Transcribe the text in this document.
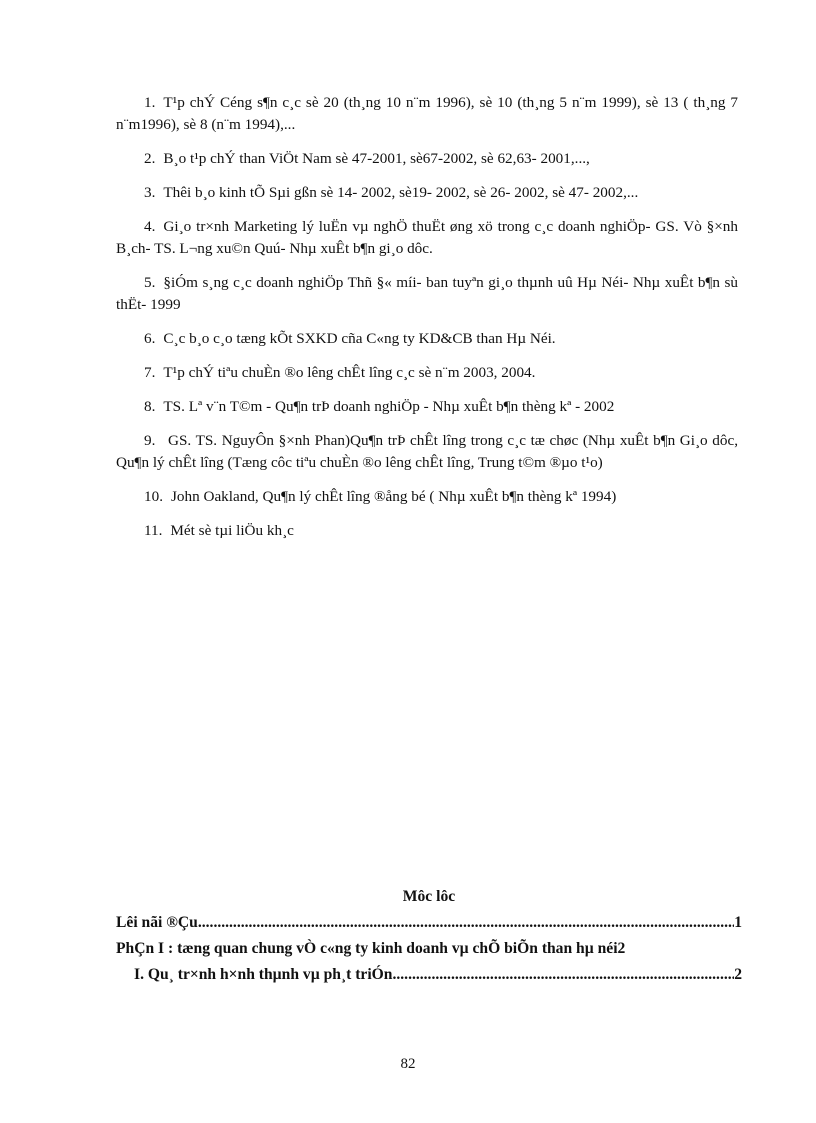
1. T¹p chÝ Céng s¶n c¸c sè 20 (th¸ng 10 n¨m 1996), sè 10 (th¸ng 5 n¨m 1999), sè 13 ( th¸ng 7 n¨m1996), sè 8 (n¨m 1994),...

2. B¸o t¹p chÝ than ViÖt Nam sè 47-2001, sè67-2002, sè 62,63- 2001,...,

3. Thêi b¸o kinh tÕ Sµi gßn sè 14- 2002, sè19- 2002, sè 26- 2002, sè 47- 2002,...

4. Gi¸o tr×nh Marketing lý luËn vµ nghÖ thuËt øng xö trong c¸c doanh nghiÖp- GS. Vò §×nh B¸ch- TS. L¬ng xu©n Quú- Nhµ xuÊt b¶n gi¸o dôc.

5. §iÓm s¸ng c¸c doanh nghiÖp Thñ §« míi- ban tuyªn gi¸o thµnh uû Hµ Néi- Nhµ xuÊt b¶n sù thËt- 1999

6. C¸c b¸o c¸o tæng kÕt SXKD cña C«ng ty KD&CB than Hµ Néi.

7. T¹p chÝ tiªu chuÈn ®o lêng chÊt lîng c¸c sè n¨m 2003, 2004.

8. TS. Lª v¨n T©m - Qu¶n trÞ doanh nghiÖp - Nhµ xuÊt b¶n thèng kª - 2002

9. GS. TS. NguyÔn §×nh Phan)Qu¶n trÞ chÊt lîng trong c¸c tæ chøc (Nhµ xuÊt b¶n Gi¸o dôc, Qu¶n lý chÊt lîng (Tæng côc tiªu chuÈn ®o lêng chÊt lîng, Trung t©m ®µo t¹o)

10. John Oakland, Qu¶n lý chÊt lîng ®ång bé ( Nhµ xuÊt b¶n thèng kª 1994)

11. Mét sè tµi liÖu kh¸c

Môc lôc

Lêi nãi ®Çu .....	1

PhÇn I : tæng quan chung vÒ c«ng ty kinh doanh vµ chÕ biÕn than hµ néi 2

I. Qu¸ tr×nh h×nh thµnh vµ ph¸t triÓn .....	2

82
